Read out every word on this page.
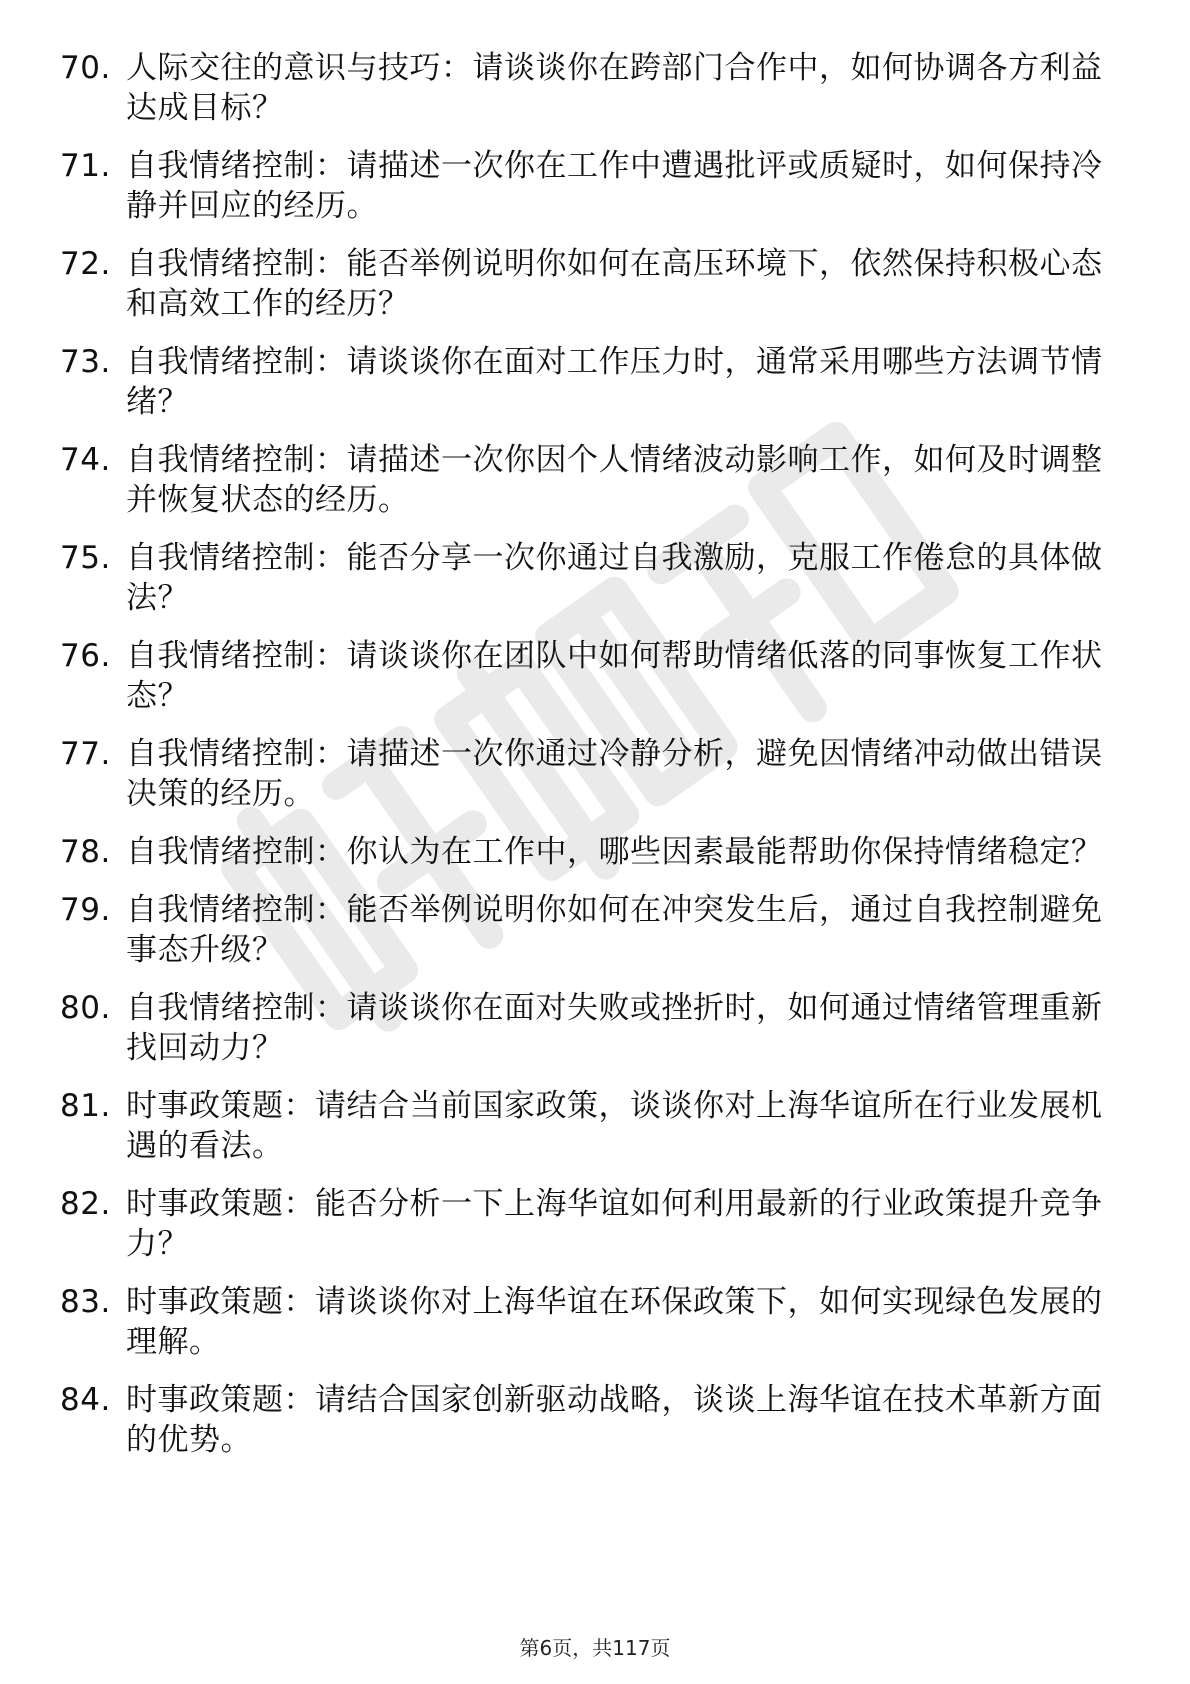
70. 人际交往的意识与技巧：请谈谈你在跨部门合作中，如何协调各方利益达成目标？
71. 自我情绪控制：请描述一次你在工作中遭遇批评或质疑时，如何保持冷静并回应的经历。
72. 自我情绪控制：能否举例说明你如何在高压环境下，依然保持积极心态和高效工作的经历？
73. 自我情绪控制：请谈谈你在面对工作压力时，通常采用哪些方法调节情绪？
74. 自我情绪控制：请描述一次你因个人情绪波动影响工作，如何及时调整并恢复状态的经历。
75. 自我情绪控制：能否分享一次你通过自我激励，克服工作倦怠的具体做法？
76. 自我情绪控制：请谈谈你在团队中如何帮助情绪低落的同事恢复工作状态？
77. 自我情绪控制：请描述一次你通过冷静分析，避免因情绪冲动做出错误决策的经历。
78. 自我情绪控制：你认为在工作中，哪些因素最能帮助你保持情绪稳定？
79. 自我情绪控制：能否举例说明你如何在冲突发生后，通过自我控制避免事态升级？
80. 自我情绪控制：请谈谈你在面对失败或挫折时，如何通过情绪管理重新找回动力？
81. 时事政策题：请结合当前国家政策，谈谈你对上海华谊所在行业发展机遇的看法。
82. 时事政策题：能否分析一下上海华谊如何利用最新的行业政策提升竞争力？
83. 时事政策题：请谈谈你对上海华谊在环保政策下，如何实现绿色发展的理解。
84. 时事政策题：请结合国家创新驱动战略，谈谈上海华谊在技术革新方面的优势。
第6页，共117页
